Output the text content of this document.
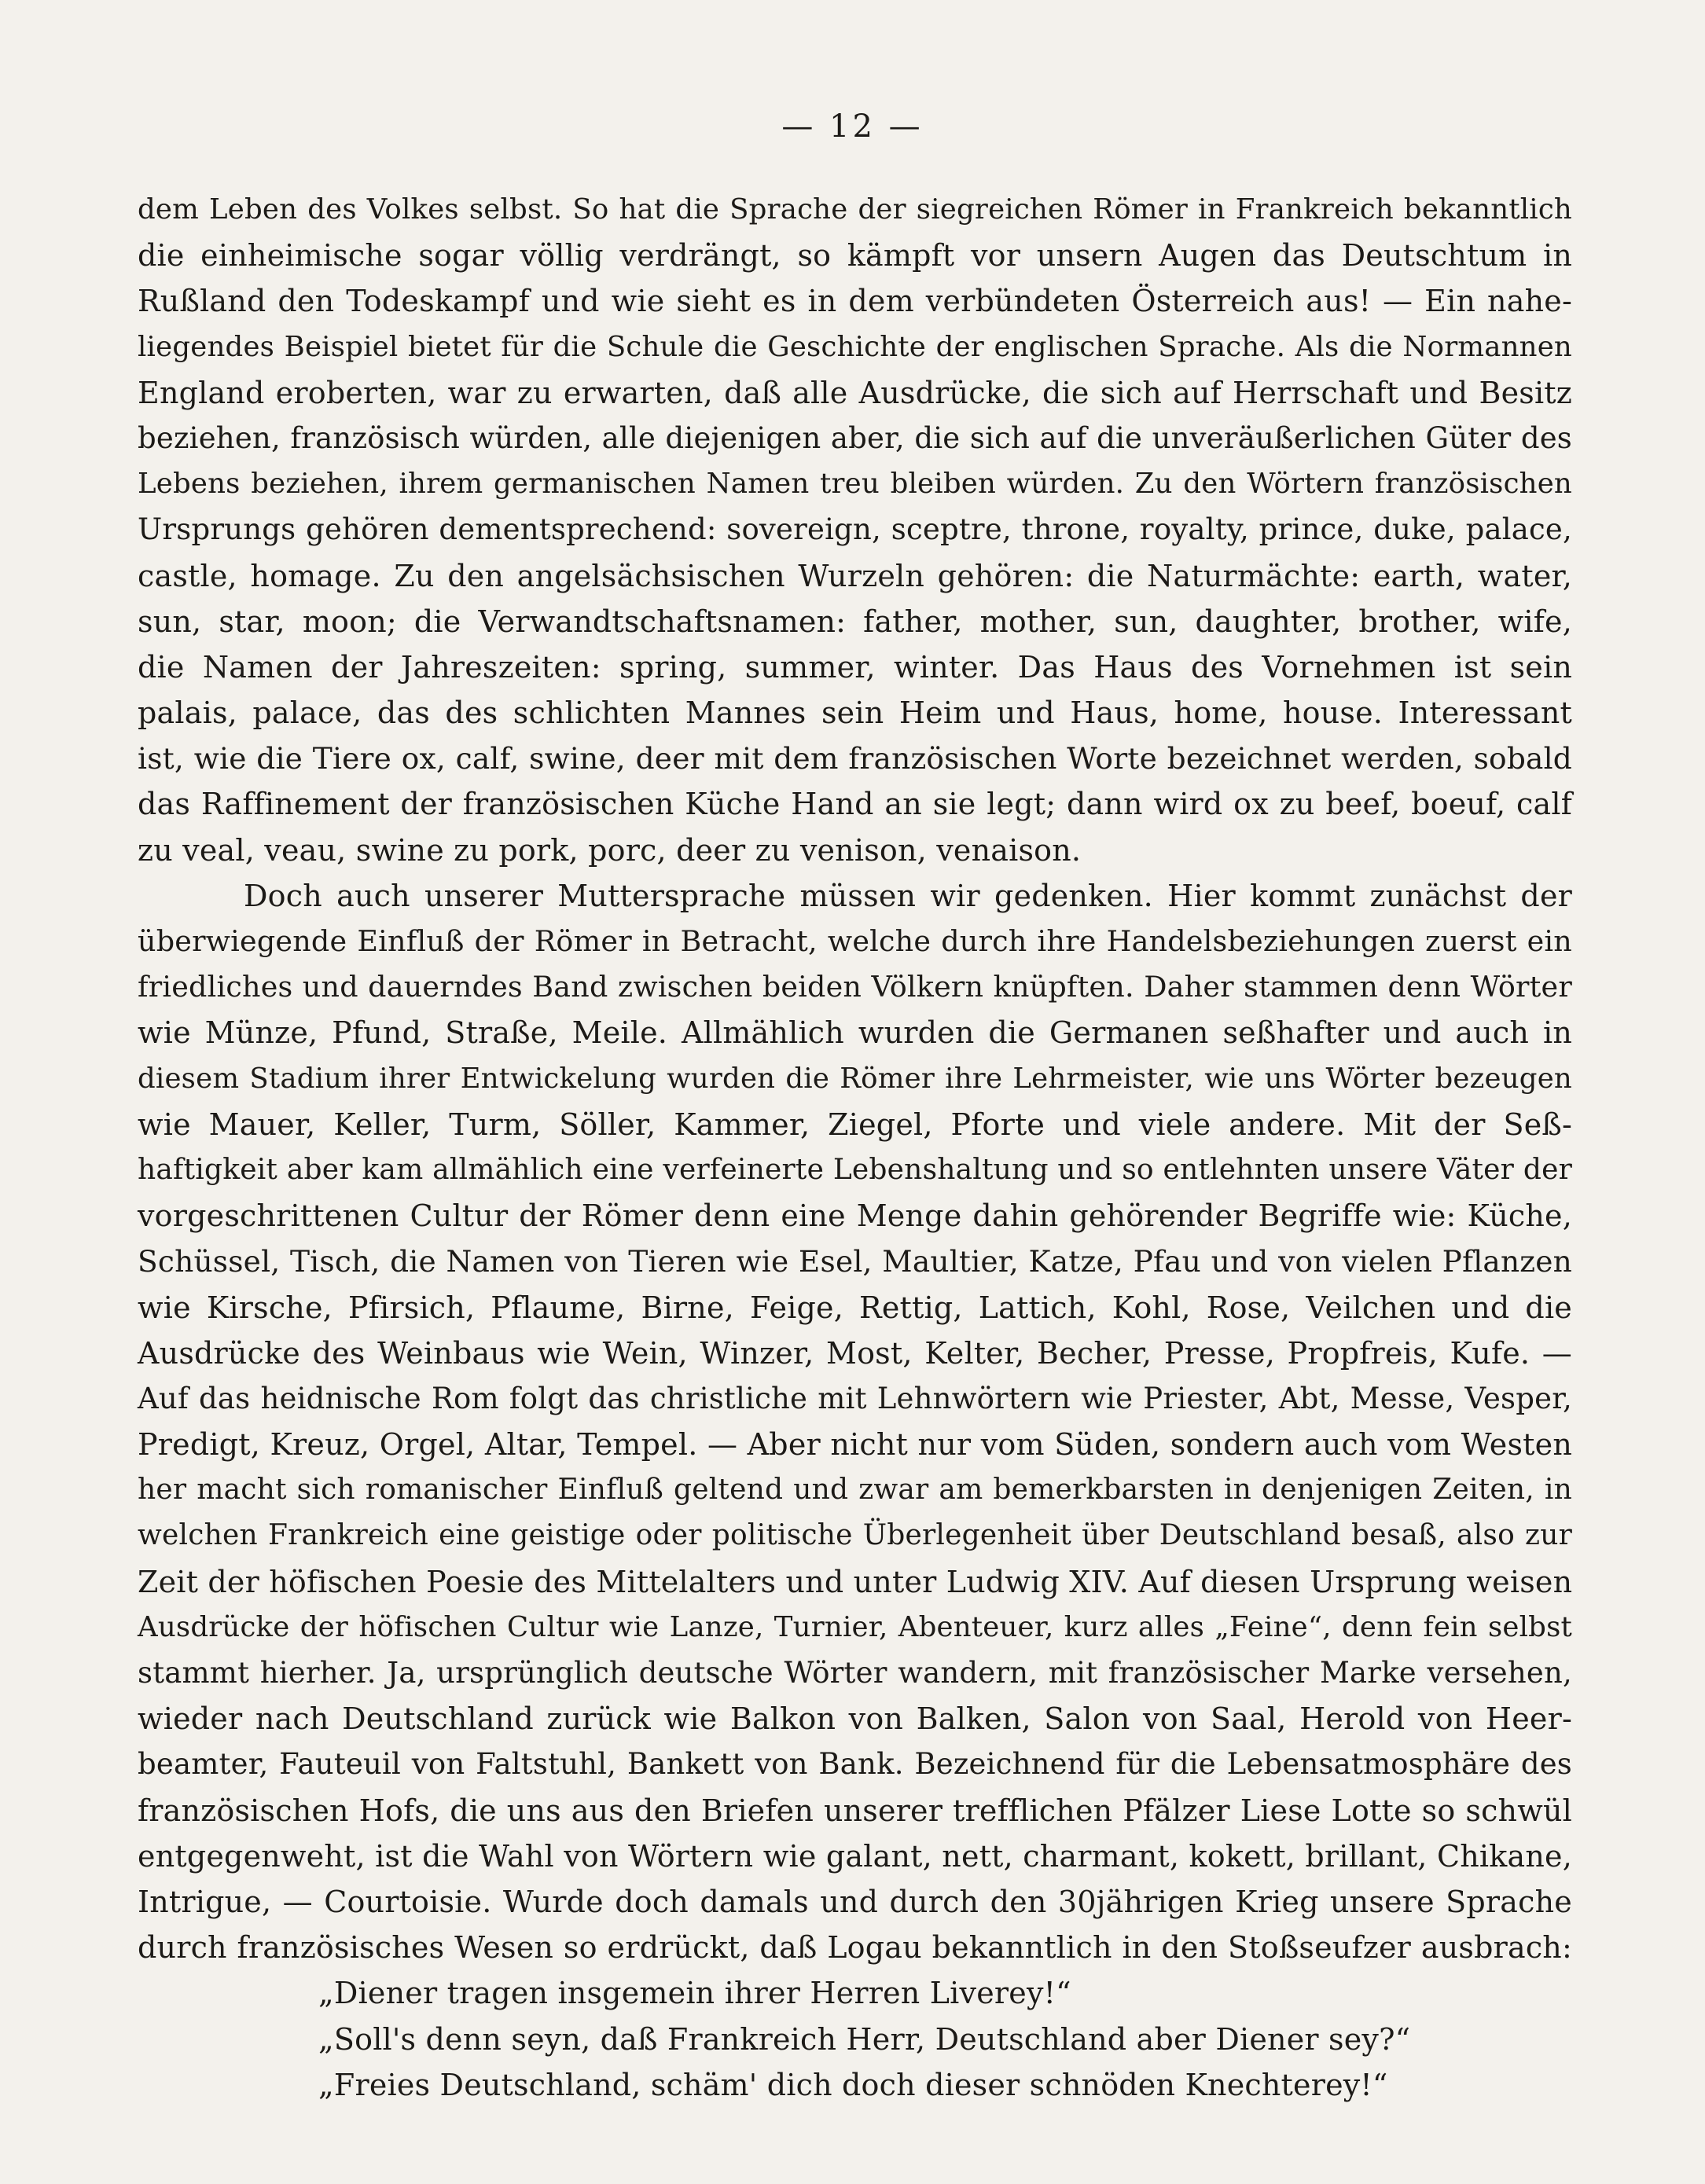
— 12 —
dem Leben des Volkes selbst. So hat die Sprache der siegreichen Römer in Frankreich bekanntlich
die einheimische sogar völlig verdrängt, so kämpft vor unsern Augen das Deutschtum in
Rußland den Todeskampf und wie sieht es in dem verbündeten Österreich aus! — Ein nahe-
liegendes Beispiel bietet für die Schule die Geschichte der englischen Sprache. Als die Normannen
England eroberten, war zu erwarten, daß alle Ausdrücke, die sich auf Herrschaft und Besitz
beziehen, französisch würden, alle diejenigen aber, die sich auf die unveräußerlichen Güter des
Lebens beziehen, ihrem germanischen Namen treu bleiben würden. Zu den Wörtern französischen
Ursprungs gehören dementsprechend: sovereign, sceptre, throne, royalty, prince, duke, palace,
castle, homage. Zu den angelsächsischen Wurzeln gehören: die Naturmächte: earth, water,
sun, star, moon; die Verwandtschaftsnamen: father, mother, sun, daughter, brother, wife,
die Namen der Jahreszeiten: spring, summer, winter. Das Haus des Vornehmen ist sein
palais, palace, das des schlichten Mannes sein Heim und Haus, home, house. Interessant
ist, wie die Tiere ox, calf, swine, deer mit dem französischen Worte bezeichnet werden, sobald
das Raffinement der französischen Küche Hand an sie legt; dann wird ox zu beef, boeuf, calf
zu veal, veau, swine zu pork, porc, deer zu venison, venaison.
Doch auch unserer Muttersprache müssen wir gedenken. Hier kommt zunächst der
überwiegende Einfluß der Römer in Betracht, welche durch ihre Handelsbeziehungen zuerst ein
friedliches und dauerndes Band zwischen beiden Völkern knüpften. Daher stammen denn Wörter
wie Münze, Pfund, Straße, Meile. Allmählich wurden die Germanen seßhafter und auch in
diesem Stadium ihrer Entwickelung wurden die Römer ihre Lehrmeister, wie uns Wörter bezeugen
wie Mauer, Keller, Turm, Söller, Kammer, Ziegel, Pforte und viele andere. Mit der Seß-
haftigkeit aber kam allmählich eine verfeinerte Lebenshaltung und so entlehnten unsere Väter der
vorgeschrittenen Cultur der Römer denn eine Menge dahin gehörender Begriffe wie: Küche,
Schüssel, Tisch, die Namen von Tieren wie Esel, Maultier, Katze, Pfau und von vielen Pflanzen
wie Kirsche, Pfirsich, Pflaume, Birne, Feige, Rettig, Lattich, Kohl, Rose, Veilchen und die
Ausdrücke des Weinbaus wie Wein, Winzer, Most, Kelter, Becher, Presse, Propfreis, Kufe. —
Auf das heidnische Rom folgt das christliche mit Lehnwörtern wie Priester, Abt, Messe, Vesper,
Predigt, Kreuz, Orgel, Altar, Tempel. — Aber nicht nur vom Süden, sondern auch vom Westen
her macht sich romanischer Einfluß geltend und zwar am bemerkbarsten in denjenigen Zeiten, in
welchen Frankreich eine geistige oder politische Überlegenheit über Deutschland besaß, also zur
Zeit der höfischen Poesie des Mittelalters und unter Ludwig XIV. Auf diesen Ursprung weisen
Ausdrücke der höfischen Cultur wie Lanze, Turnier, Abenteuer, kurz alles „Feine“, denn fein selbst
stammt hierher. Ja, ursprünglich deutsche Wörter wandern, mit französischer Marke versehen,
wieder nach Deutschland zurück wie Balkon von Balken, Salon von Saal, Herold von Heer-
beamter, Fauteuil von Faltstuhl, Bankett von Bank. Bezeichnend für die Lebensatmosphäre des
französischen Hofs, die uns aus den Briefen unserer trefflichen Pfälzer Liese Lotte so schwül
entgegenweht, ist die Wahl von Wörtern wie galant, nett, charmant, kokett, brillant, Chikane,
Intrigue, — Courtoisie. Wurde doch damals und durch den 30jährigen Krieg unsere Sprache
durch französisches Wesen so erdrückt, daß Logau bekanntlich in den Stoßseufzer ausbrach:
„Diener tragen insgemein ihrer Herren Liverey!“
„Soll's denn seyn, daß Frankreich Herr, Deutschland aber Diener sey?“
„Freies Deutschland, schäm' dich doch dieser schnöden Knechterey!“
